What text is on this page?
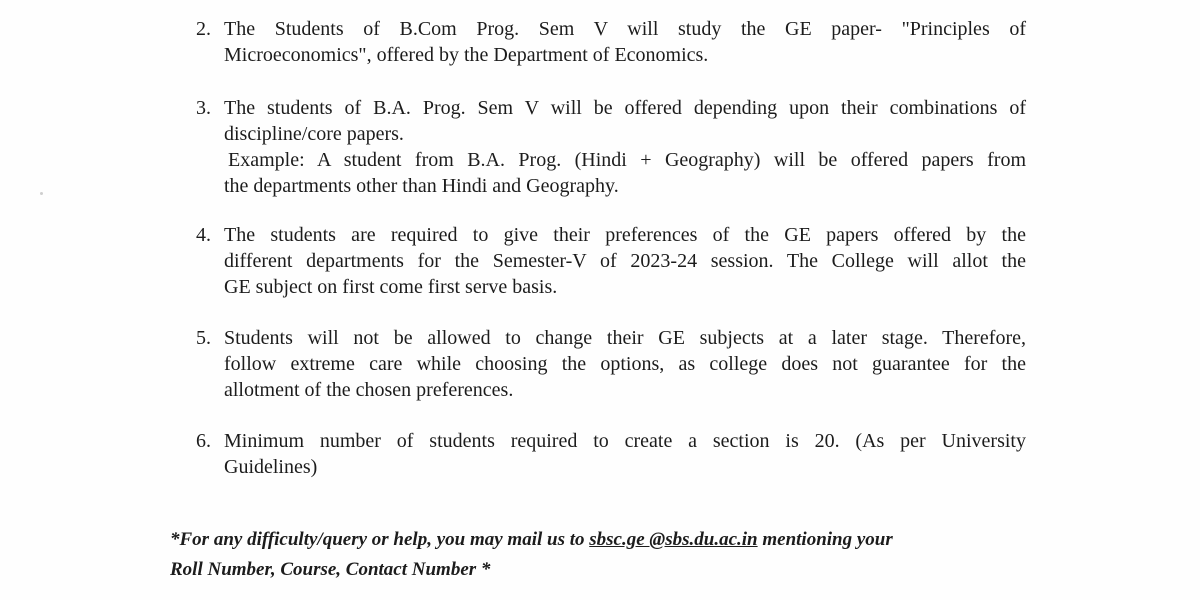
2. The Students of B.Com Prog. Sem V will study the GE paper- "Principles of
Microeconomics", offered by the Department of Economics.
3. The students of B.A. Prog. Sem V will be offered depending upon their combinations of
discipline/core papers.
Example: A student from B.A. Prog. (Hindi + Geography) will be offered papers from
the departments other than Hindi and Geography.
4. The students are required to give their preferences of the GE papers offered by the
different departments for the Semester-V of 2023-24 session. The College will allot the
GE subject on first come first serve basis.
5. Students will not be allowed to change their GE subjects at a later stage. Therefore,
follow extreme care while choosing the options, as college does not guarantee for the
allotment of the chosen preferences.
6. Minimum number of students required to create a section is 20. (As per University
Guidelines)
*For any difficulty/query or help, you may mail us to sbsc.ge @sbs.du.ac.in mentioning your
Roll Number, Course, Contact Number *
